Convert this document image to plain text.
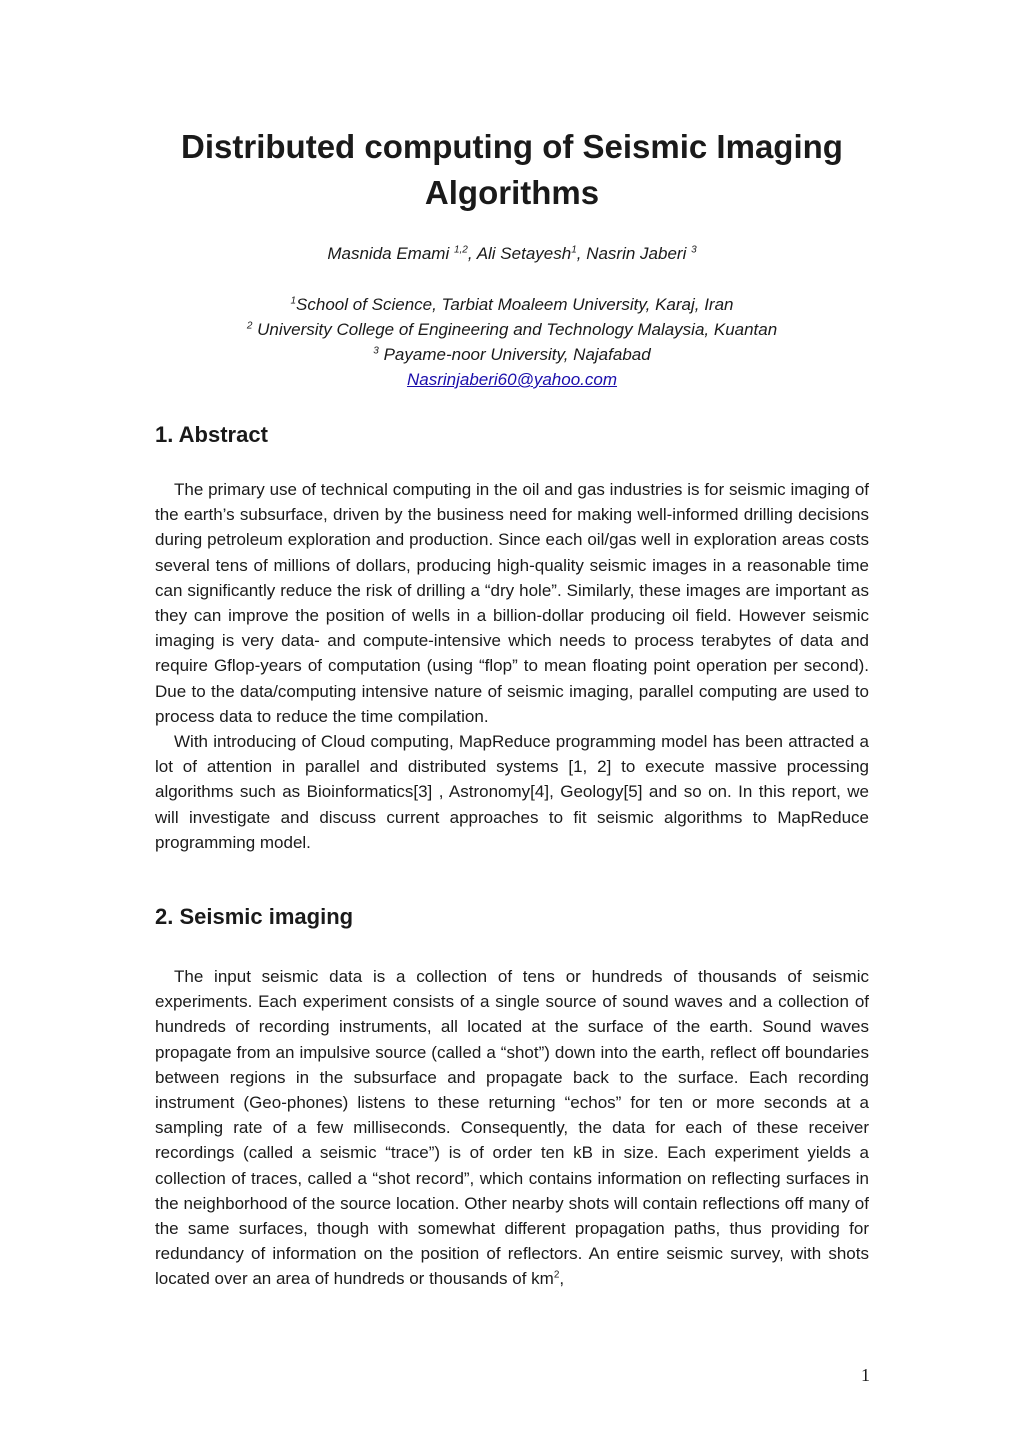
Distributed computing of Seismic Imaging Algorithms
Masnida Emami $^{1,2}$, Ali Setayesh$^1$, Nasrin Jaberi $^3$
$^1$School of Science, Tarbiat Moaleem University, Karaj, Iran
$^2$ University College of Engineering and Technology Malaysia, Kuantan
$^3$ Payame-noor University, Najafabad
Nasrinjaberi60@yahoo.com
1. Abstract

The primary use of technical computing in the oil and gas industries is for seismic imaging of the earth’s subsurface, driven by the business need for making well-informed drilling decisions during petroleum exploration and production. Since each oil/gas well in exploration areas costs several tens of millions of dollars, producing high-quality seismic images in a reasonable time can significantly reduce the risk of drilling a “dry hole”. Similarly, these images are important as they can improve the position of wells in a billion-dollar producing oil field. However seismic imaging is very data- and compute-intensive which needs to process terabytes of data and require Gflop-years of computation (using “flop” to mean floating point operation per second). Due to the data/computing intensive nature of seismic imaging, parallel computing are used to process data to reduce the time compilation.

With introducing of Cloud computing, MapReduce programming model has been attracted a lot of attention in parallel and distributed systems [1, 2] to execute massive processing algorithms such as Bioinformatics[3] , Astronomy[4], Geology[5] and so on. In this report, we will investigate and discuss current approaches to fit seismic algorithms to MapReduce programming model.

2. Seismic imaging

The input seismic data is a collection of tens or hundreds of thousands of seismic experiments. Each experiment consists of a single source of sound waves and a collection of hundreds of recording instruments, all located at the surface of the earth. Sound waves propagate from an impulsive source (called a “shot”) down into the earth, reflect off boundaries between regions in the subsurface and propagate back to the surface. Each recording instrument (Geo-phones) listens to these returning “echos” for ten or more seconds at a sampling rate of a few milliseconds. Consequently, the data for each of these receiver recordings (called a seismic “trace”) is of order ten kB in size. Each experiment yields a collection of traces, called a “shot record”, which contains information on reflecting surfaces in the neighborhood of the source location. Other nearby shots will contain reflections off many of the same surfaces, though with somewhat different propagation paths, thus providing for redundancy of information on the position of reflectors. An entire seismic survey, with shots located over an area of hundreds or thousands of $km^2$,

1
